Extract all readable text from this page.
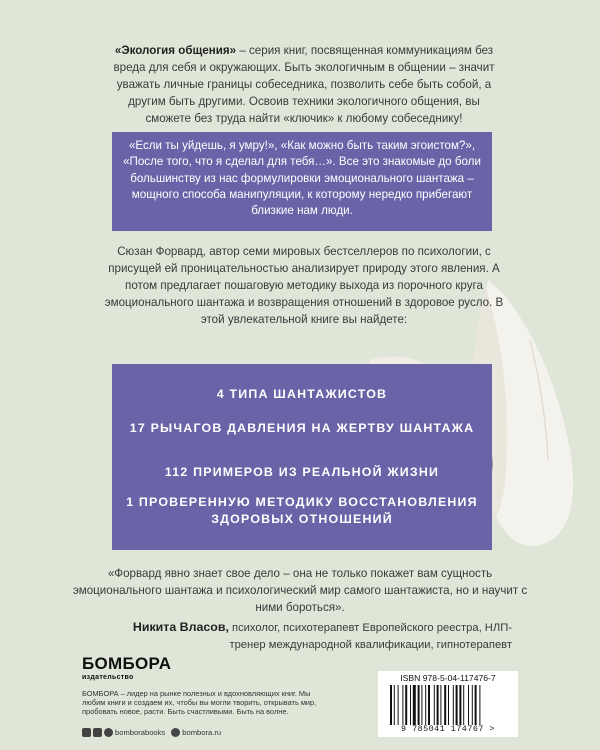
«Экология общения» – серия книг, посвященная коммуникациям без вреда для себя и окружающих. Быть экологичным в общении – значит уважать личные границы собеседника, позволить себе быть собой, а другим быть другими. Освоив техники экологичного общения, вы сможете без труда найти «ключик» к любому собеседнику!
«Если ты уйдешь, я умру!», «Как можно быть таким эгоистом?», «После того, что я сделал для тебя…». Все это знакомые до боли большинству из нас формулировки эмоционального шантажа – мощного способа манипуляции, к которому нередко прибегают близкие нам люди.
Сюзан Форвард, автор семи мировых бестселлеров по психологии, с присущей ей проницательностью анализирует природу этого явления. А потом предлагает пошаговую методику выхода из порочного круга эмоционального шантажа и возвращения отношений в здоровое русло. В этой увлекательной книге вы найдете:
4 ТИПА ШАНТАЖИСТОВ
17 РЫЧАГОВ ДАВЛЕНИЯ НА ЖЕРТВУ ШАНТАЖА
112 ПРИМЕРОВ ИЗ РЕАЛЬНОЙ ЖИЗНИ
1 ПРОВЕРЕННУЮ МЕТОДИКУ ВОССТАНОВЛЕНИЯ ЗДОРОВЫХ ОТНОШЕНИЙ
«Форвард явно знает свое дело – она не только покажет вам сущность эмоционального шантажа и психологический мир самого шантажиста, но и научит с ними бороться».
Никита Власов, психолог, психотерапевт Европейского реестра, НЛП-тренер международной квалификации, гипнотерапевт
БОМБОРА
издательство
БОМБОРА – лидер на рынке полезных и вдохновляющих книг. Мы любим книги и создаем их, чтобы вы могли творить, открывать мир, пробовать новое, расти. Быть счастливыми. Быть на волне.
bomborabooks bombora.ru
ISBN 978-5-04-117476-7
9 785041 174767 >
